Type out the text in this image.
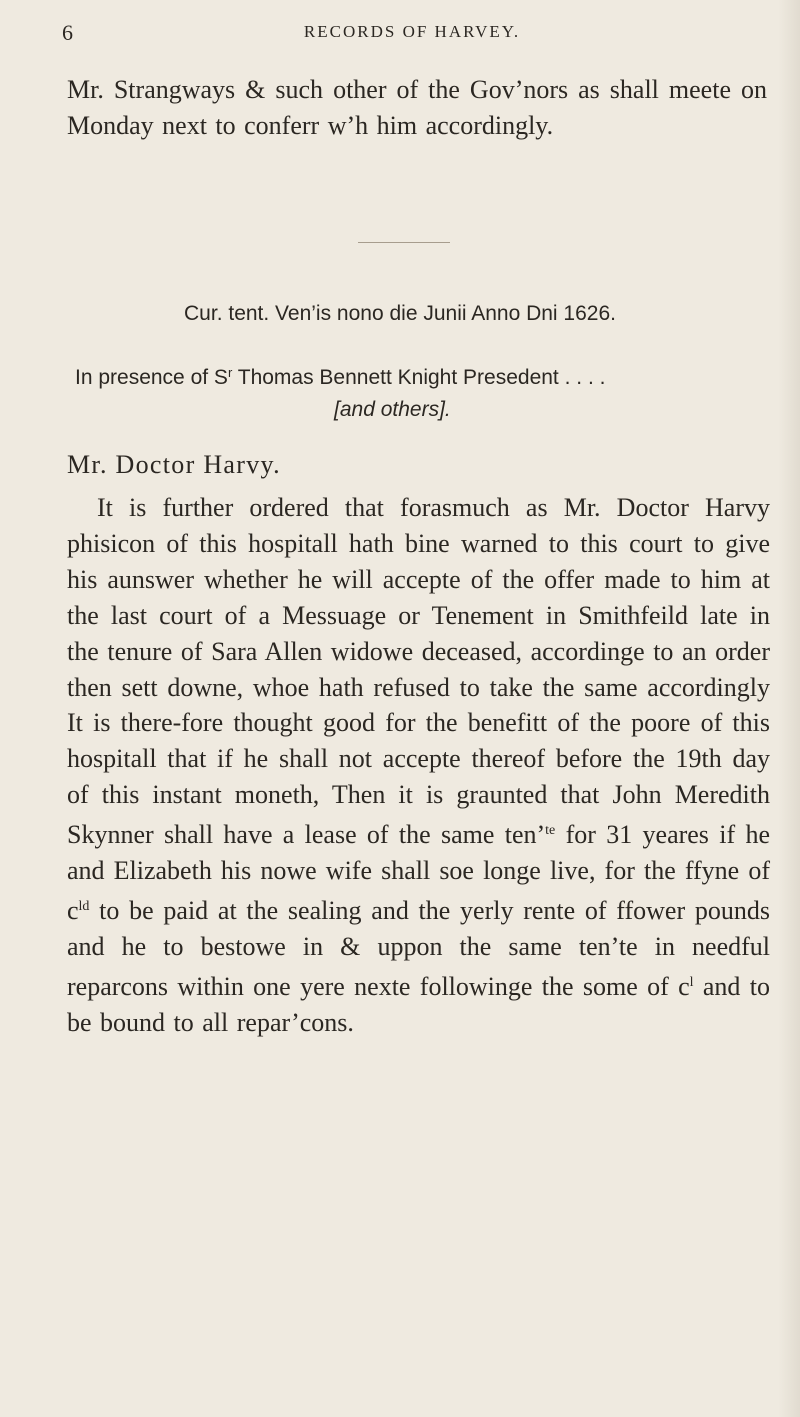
6	RECORDS OF HARVEY.
Mr. Strangways & such other of the Gov’nors as shall meete on Monday next to conferr w’h him accordingly.
Cur. tent. Ven’is nono die Junii Anno Dni 1626.
In presence of $S^r$ Thomas Bennett Knight Presedent . . . .
[and others].
Mr. Doctor Harvy.
It is further ordered that forasmuch as Mr. Doctor Harvy phisicon of this hospitall hath bine warned to this court to give his aunswer whether he will accepte of the offer made to him at the last court of a Messuage or Tenement in Smithfeild late in the tenure of Sara Allen widowe deceased, accordinge to an order then sett downe, whoe hath refused to take the same accordingly It is there-fore thought good for the benefitt of the poore of this hospitall that if he shall not accepte thereof before the 19th day of this instant moneth, Then it is graunted that John Meredith Skynner shall have a lease of the same ten’$^{te}$ for 31 yeares if he and Elizabeth his nowe wife shall soe longe live, for the ffyne of $c^{ld}$ to be paid at the sealing and the yerly rente of ffower pounds and he to bestowe in & uppon the same ten’te in needful reparcons within one yere nexte followinge the some of $c^l$ and to be bound to all repar’cons.
